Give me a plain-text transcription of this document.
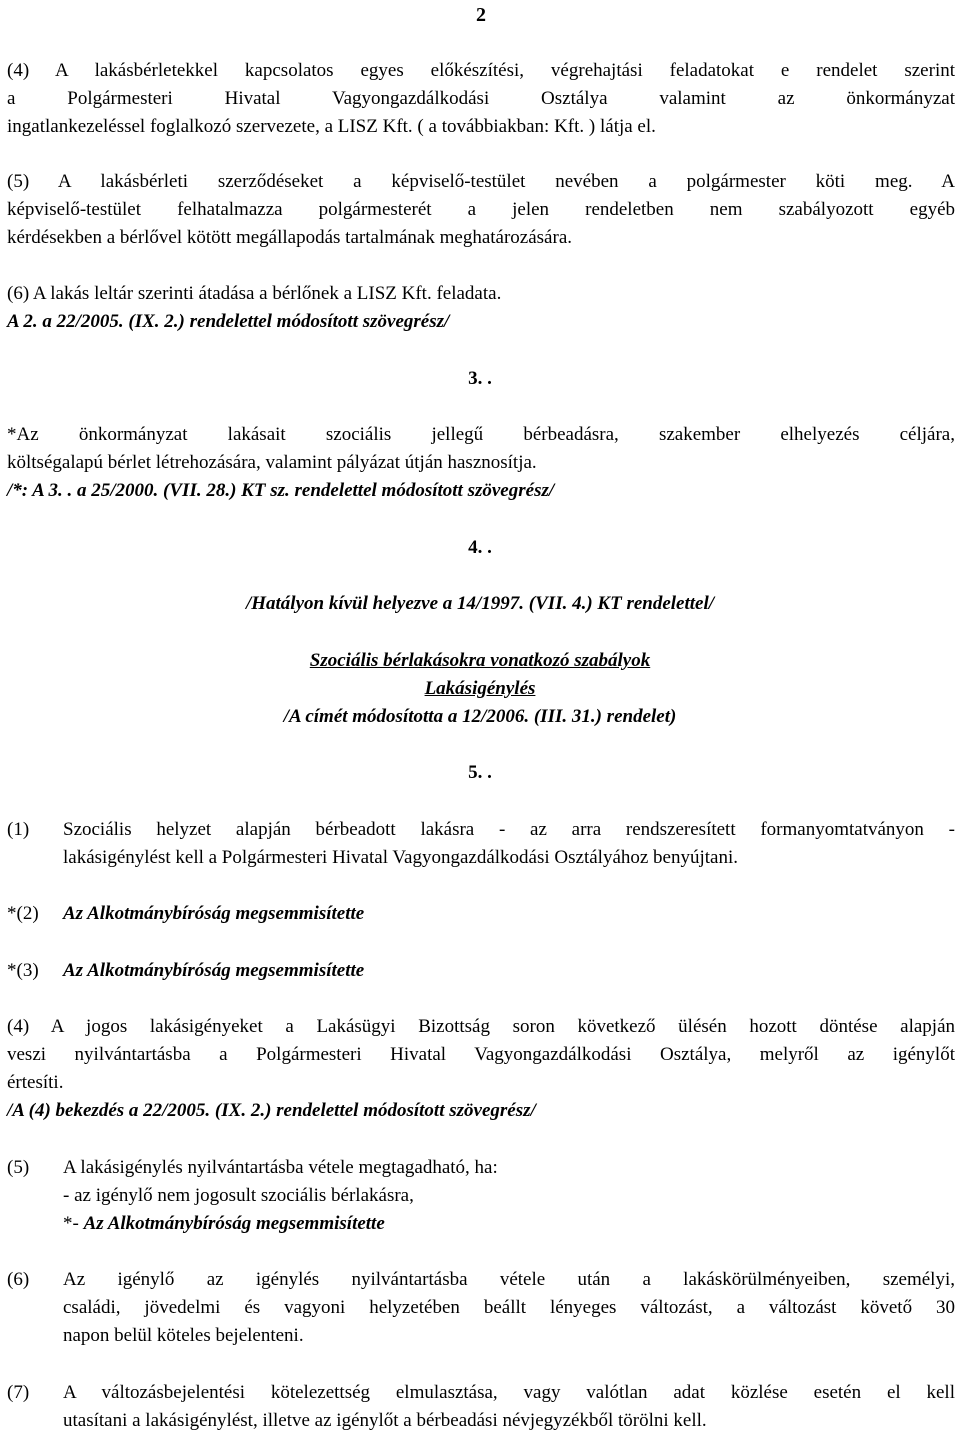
2
(4) A lakásbérletekkel kapcsolatos egyes előkészítési, végrehajtási feladatokat e rendelet szerint
a Polgármesteri Hivatal Vagyongazdálkodási Osztálya valamint az önkormányzat
ingatlankezeléssel foglalkozó szervezete, a LISZ Kft. ( a továbbiakban: Kft. ) látja el.
(5) A lakásbérleti szerződéseket a képviselő-testület nevében a polgármester köti meg. A
képviselő-testület felhatalmazza polgármesterét a jelen rendeletben nem szabályozott egyéb
kérdésekben a bérlővel kötött megállapodás tartalmának meghatározására.
(6) A lakás leltár szerinti átadása a bérlőnek a LISZ Kft. feladata.
A 2. a 22/2005. (IX. 2.) rendelettel módosított szövegrész/
3. .
*Az önkormányzat lakásait szociális jellegű bérbeadásra, szakember elhelyezés céljára,
költségalapú bérlet létrehozására, valamint pályázat útján hasznosítja.
/*: A 3. . a 25/2000. (VII. 28.) KT sz. rendelettel módosított szövegrész/
4. .
/Hatályon kívül helyezve a 14/1997. (VII. 4.) KT rendelettel/
Szociális bérlakásokra vonatkozó szabályok
Lakásigénylés
/A címét módosította a 12/2006. (III. 31.) rendelet)
5. .
(1) Szociális helyzet alapján bérbeadott lakásra - az arra rendszeresített formanyomtatványon -
lakásigénylést kell a Polgármesteri Hivatal Vagyongazdálkodási Osztályához benyújtani.
*(2) Az Alkotmánybíróság megsemmisítette
*(3) Az Alkotmánybíróság megsemmisítette
(4) A jogos lakásigényeket a Lakásügyi Bizottság soron következő ülésén hozott döntése alapján
veszi nyilvántartásba a Polgármesteri Hivatal Vagyongazdálkodási Osztálya, melyről az igénylőt
értesíti.
/A (4) bekezdés a 22/2005. (IX. 2.) rendelettel módosított szövegrész/
(5) A lakásigénylés nyilvántartásba vétele megtagadható, ha:
- az igénylő nem jogosult szociális bérlakásra,
*- Az Alkotmánybíróság megsemmisítette
(6) Az igénylő az igénylés nyilvántartásba vétele után a lakáskörülményeiben, személyi,
családi, jövedelmi és vagyoni helyzetében beállt lényeges változást, a változást követő 30
napon belül köteles bejelenteni.
(7) A változásbejelentési kötelezettség elmulasztása, vagy valótlan adat közlése esetén el kell
utasítani a lakásigénylést, illetve az igénylőt a bérbeadási névjegyzékből törölni kell.
